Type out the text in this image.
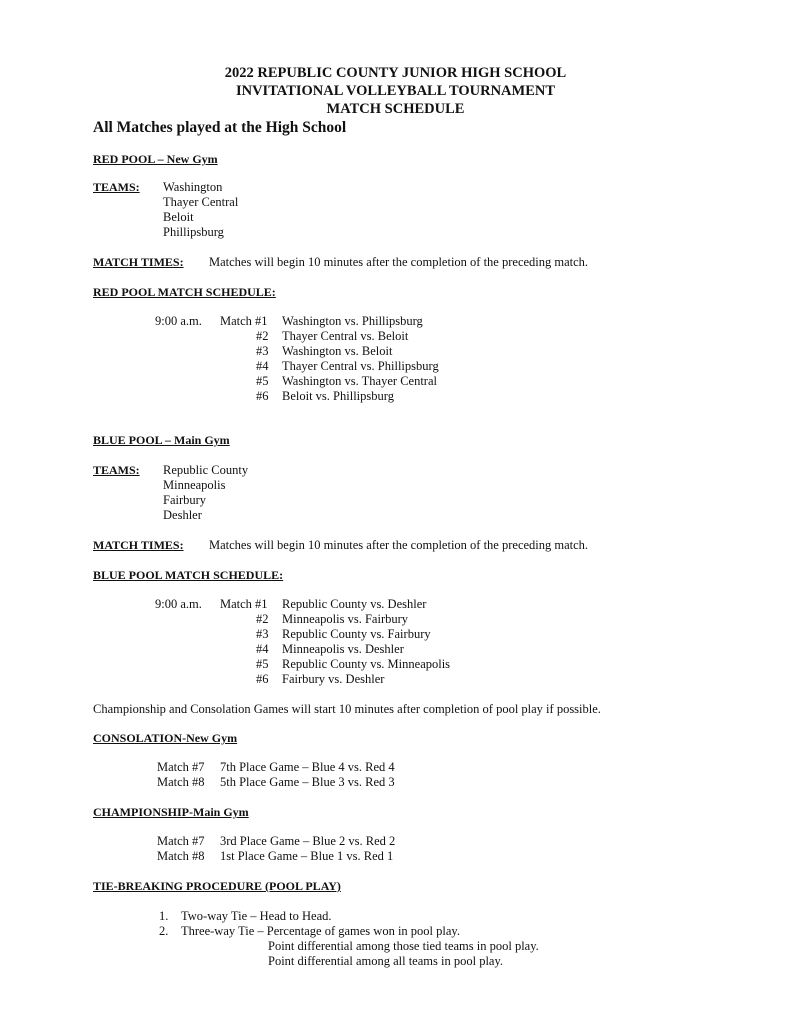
2022 REPUBLIC COUNTY JUNIOR HIGH SCHOOL
INVITATIONAL VOLLEYBALL TOURNAMENT
MATCH SCHEDULE
All Matches played at the High School
RED POOL – New Gym
TEAMS: Washington
Thayer Central
Beloit
Phillipsburg
MATCH TIMES: Matches will begin 10 minutes after the completion of the preceding match.
RED POOL MATCH SCHEDULE:
9:00 a.m. Match #1 Washington vs. Phillipsburg
#2 Thayer Central vs. Beloit
#3 Washington vs. Beloit
#4 Thayer Central vs. Phillipsburg
#5 Washington vs. Thayer Central
#6 Beloit vs. Phillipsburg
BLUE POOL – Main Gym
TEAMS: Republic County
Minneapolis
Fairbury
Deshler
MATCH TIMES: Matches will begin 10 minutes after the completion of the preceding match.
BLUE POOL MATCH SCHEDULE:
9:00 a.m. Match #1 Republic County vs. Deshler
#2 Minneapolis vs. Fairbury
#3 Republic County vs. Fairbury
#4 Minneapolis vs. Deshler
#5 Republic County vs. Minneapolis
#6 Fairbury vs. Deshler
Championship and Consolation Games will start 10 minutes after completion of pool play if possible.
CONSOLATION-New Gym
Match #7 7th Place Game – Blue 4 vs. Red 4
Match #8 5th Place Game – Blue 3 vs. Red 3
CHAMPIONSHIP-Main Gym
Match #7 3rd Place Game – Blue 2 vs. Red 2
Match #8 1st Place Game – Blue 1 vs. Red 1
TIE-BREAKING PROCEDURE (POOL PLAY)
1. Two-way Tie – Head to Head.
2. Three-way Tie – Percentage of games won in pool play.
Point differential among those tied teams in pool play.
Point differential among all teams in pool play.
